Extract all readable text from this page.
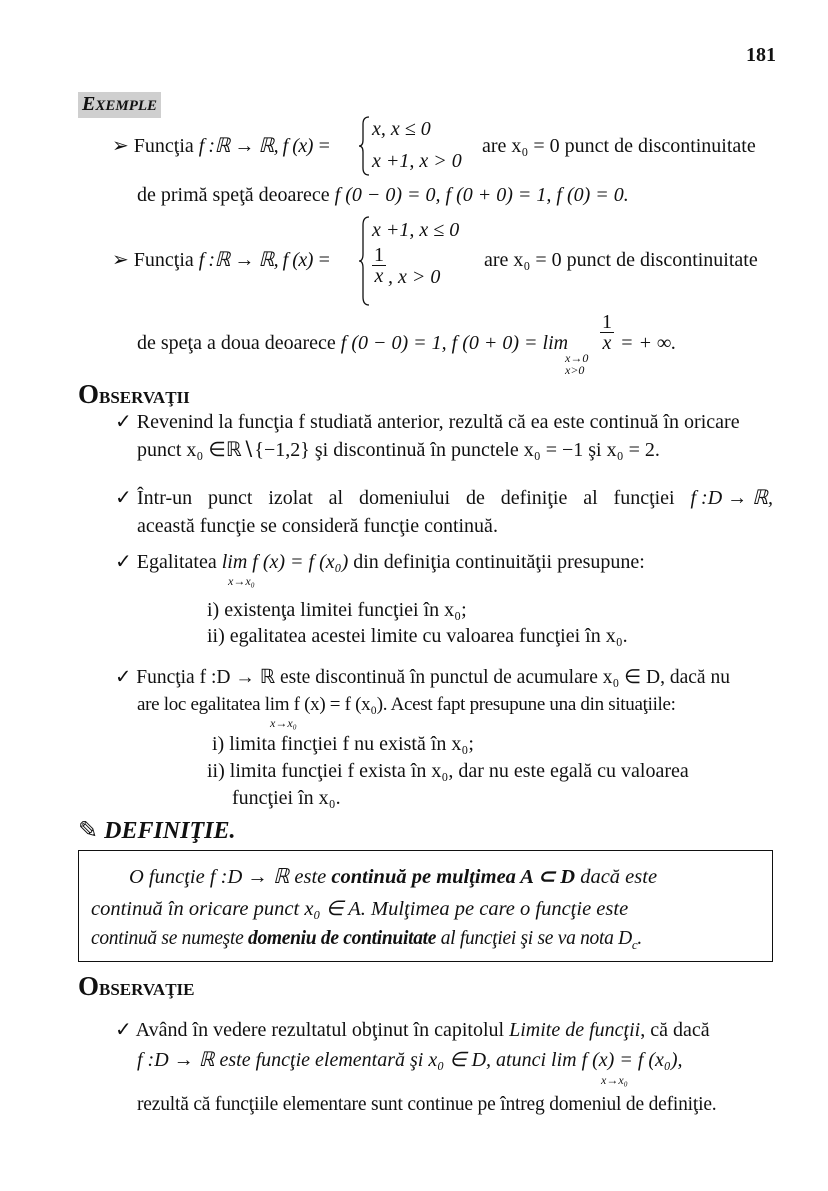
181
EXEMPLE
➢ Funcţia f :ℝ → ℝ, f (x) =
x, x ≤ 0
x +1, x > 0
are x₀ = 0 punct de discontinuitate
de primă speţă deoarece f (0 − 0) = 0, f (0 + 0) = 1, f (0) = 0.
➢ Funcţia f :ℝ → ℝ, f (x) =
x +1, x ≤ 0
1
x , x > 0
are x₀ = 0 punct de discontinuitate
de speţa a doua deoarece f (0 − 0) = 1, f (0 + 0) = lim
1
x = + ∞.
x→0
x>0
OBSERVAŢII
✓ Revenind la funcţia f studiată anterior, rezultă că ea este continuă în oricare
punct x₀ ∈ℝ∖{−1,2} şi discontinuă în punctele x₀ = −1 şi x₀ = 2.
✓ Într-un punct izolat al domeniului de definiţie al funcţiei f :D → ℝ,
această funcţie se consideră funcţie continuă.
✓ Egalitatea lim f (x) = f (x₀) din definiţia continuităţii presupune:
x→x₀
i) existenţa limitei funcţiei în x₀;
ii) egalitatea acestei limite cu valoarea funcţiei în x₀.
✓ Funcţia f :D → ℝ este discontinuă în punctul de acumulare x₀ ∈ D, dacă nu
are loc egalitatea lim f (x) = f (x₀). Acest fapt presupune una din situaţiile:
x→x₀
i) limita fincţiei f nu există în x₀;
ii) limita funcţiei f exista în x₀, dar nu este egală cu valoarea
funcţiei în x₀.
✎ DEFINIŢIE.
O funcţie f :D → ℝ este continuă pe mulţimea A ⊂ D dacă este
continuă în oricare punct x₀ ∈ A. Mulţimea pe care o funcţie este
continuă se numeşte domeniu de continuitate al funcţiei şi se va nota $D_c$.
OBSERVAŢIE
✓ Având în vedere rezultatul obţinut în capitolul Limite de funcţii, că dacă
f :D → ℝ este funcţie elementară şi x₀ ∈ D, atunci lim f (x) = f (x₀),
x→x₀
rezultă că funcţiile elementare sunt continue pe întreg domeniul de definiţie.
